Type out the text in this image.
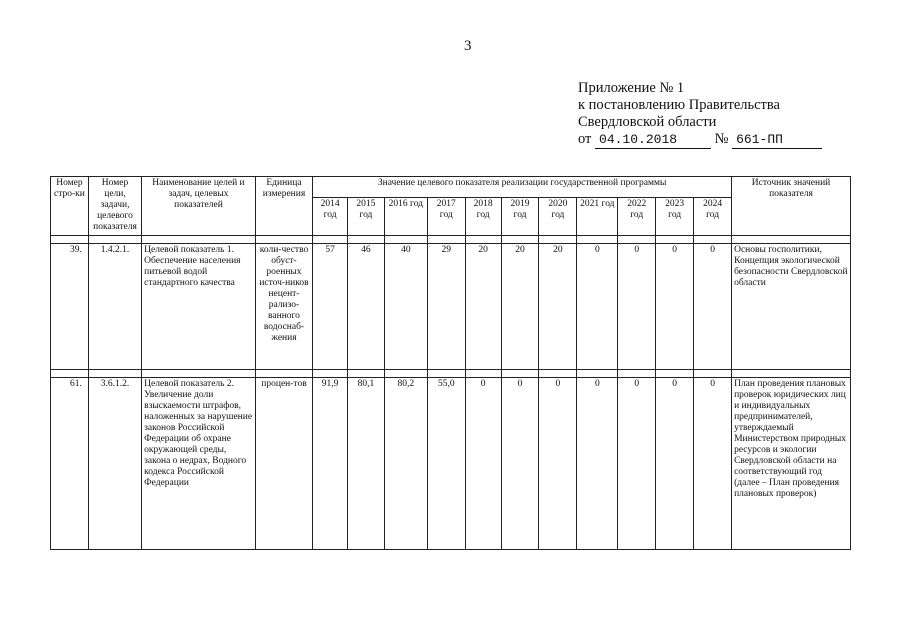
3
Приложение № 1
к постановлению Правительства
Свердловской области
от 04.10.2018	№ 661-ПП
Номер стро-ки	Номер цели, задачи, целевого показателя	Наименование целей и задач, целевых показателей	Единица измерения	Значение целевого показателя реализации государственной программы											Источник значений показателя
				2014 год	2015 год	2016 год	2017 год	2018 год	2019 год	2020 год	2021 год	2022 год	2023 год	2024 год	

39.	1.4.2.1.	Целевой показатель 1. Обеспечение населения питьевой водой стандартного качества	коли-чество обуст-роенных источ-ников нецент-рализо-ванного водоснаб-жения	57	46	40	29	20	20	20	0	0	0	0	Основы госполитики, Концепция экологической безопасности Свердловской области

61.	3.6.1.2.	Целевой показатель 2. Увеличение доли взыскаемости штрафов, наложенных за нарушение законов Российской Федерации об охране окружающей среды, закона о недрах, Водного кодекса Российской Федерации	процен-тов	91,9	80,1	80,2	55,0	0	0	0	0	0	0	0	План проведения плановых проверок юридических лиц и индивидуальных предпринимателей, утверждаемый Министерством природных ресурсов и экологии Свердловской области на соответствующий год (далее – План проведения плановых проверок)
